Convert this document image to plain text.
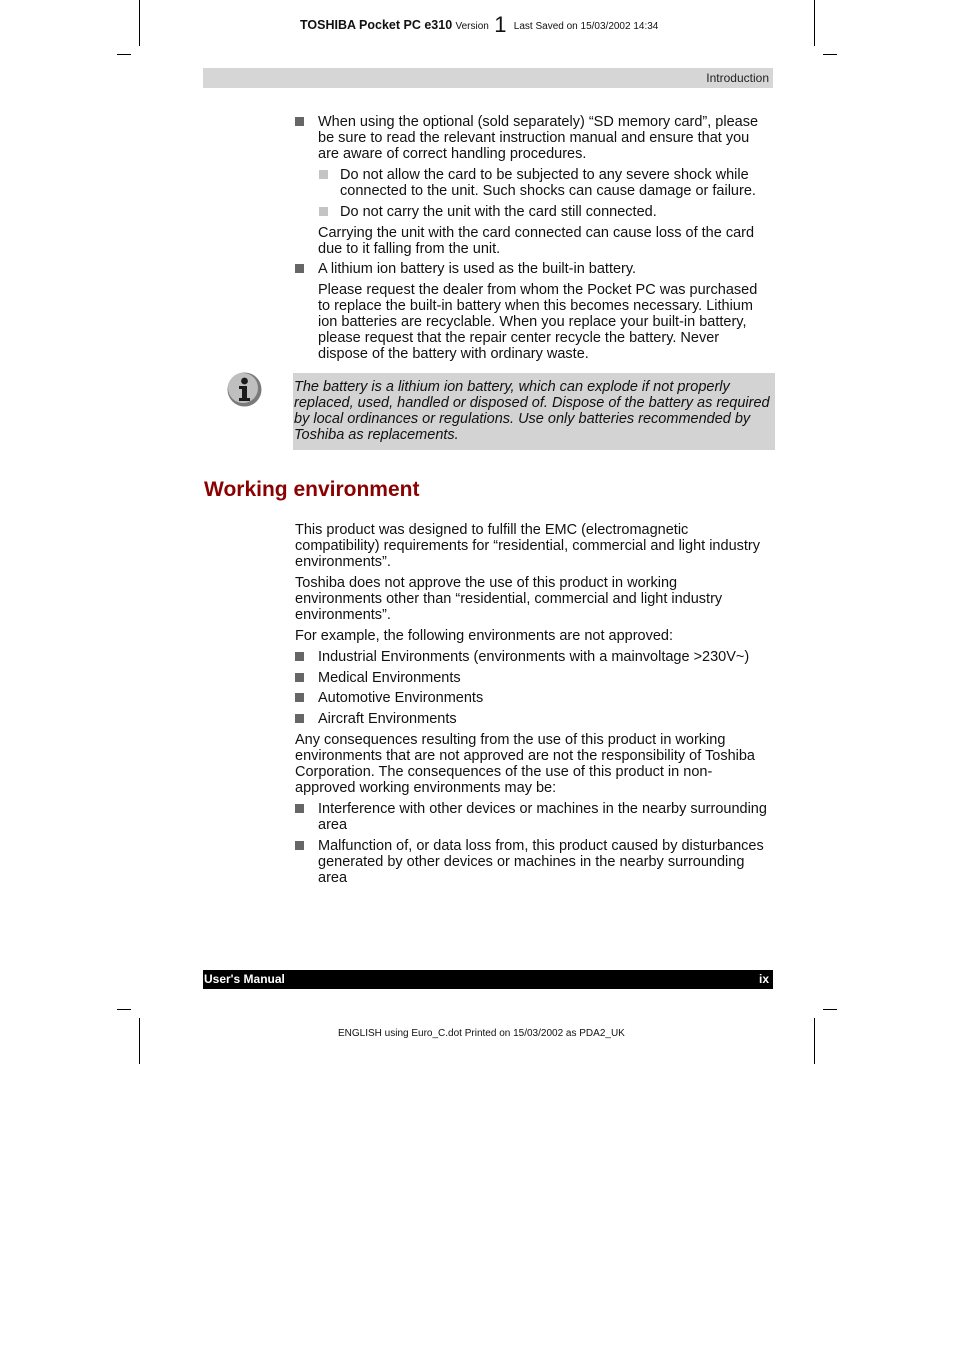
TOSHIBA Pocket PC e310 Version 1 Last Saved on 15/03/2002 14:34
Introduction
When using the optional (sold separately) “SD memory card”, please be sure to read the relevant instruction manual and ensure that you are aware of correct handling procedures.
Do not allow the card to be subjected to any severe shock while connected to the unit. Such shocks can cause damage or failure.
Do not carry the unit with the card still connected.
Carrying the unit with the card connected can cause loss of the card due to it falling from the unit.
A lithium ion battery is used as the built-in battery.
Please request the dealer from whom the Pocket PC was purchased to replace the built-in battery when this becomes necessary. Lithium ion batteries are recyclable. When you replace your built-in battery, please request that the repair center recycle the battery. Never dispose of the battery with ordinary waste.

The battery is a lithium ion battery, which can explode if not properly replaced, used, handled or disposed of. Dispose of the battery as required by local ordinances or regulations. Use only batteries recommended by Toshiba as replacements.

Working environment
This product was designed to fulfill the EMC (electromagnetic compatibility) requirements for “residential, commercial and light industry environments”.
Toshiba does not approve the use of this product in working environments other than “residential, commercial and light industry environments”.
For example, the following environments are not approved:
Industrial Environments (environments with a mainvoltage >230V~)
Medical Environments
Automotive Environments
Aircraft Environments
Any consequences resulting from the use of this product in working environments that are not approved are not the responsibility of Toshiba Corporation. The consequences of the use of this product in non-approved working environments may be:
Interference with other devices or machines in the nearby surrounding area
Malfunction of, or data loss from, this product caused by disturbances generated by other devices or machines in the nearby surrounding area
User's Manual	ix
ENGLISH using Euro_C.dot Printed on 15/03/2002 as PDA2_UK
